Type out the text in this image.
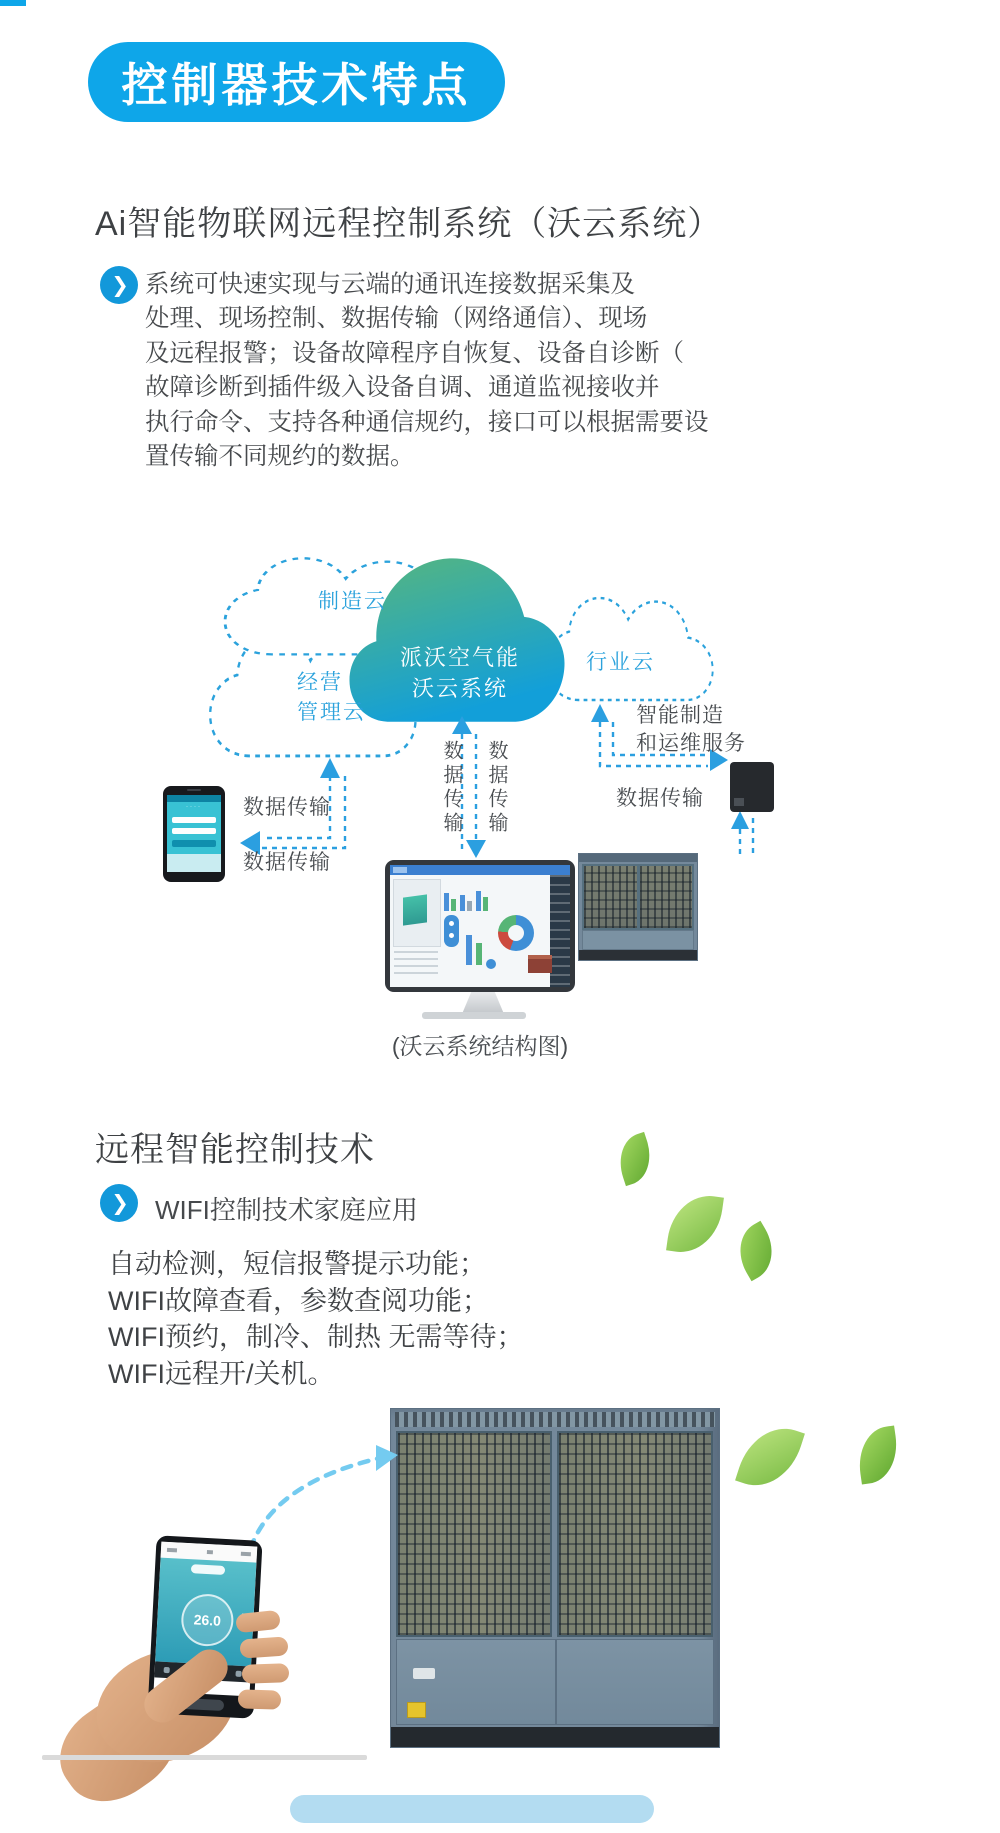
控制器技术特点
Ai智能物联网远程控制系统（沃云系统）
❯ 系统可快速实现与云端的通讯连接数据采集及
处理、现场控制、数据传输（网络通信）、现场
及远程报警；设备故障程序自恢复、设备自诊断（
故障诊断到插件级入设备自调、通道监视接收并
执行命令、支持各种通信规约，接口可以根据需要设
置传输不同规约的数据。
制造云
经营
管理云
行业云
派沃空气能
沃云系统
智能制造
和运维服务
数据传输
数据传输
数据传输
数据传输 数据传输
····
(沃云系统结构图)
远程智能控制技术
❯ WIFI控制技术家庭应用
自动检测，短信报警提示功能；
WIFI故障查看，参数查阅功能；
WIFI预约，制冷、制热 无需等待；
WIFI远程开/关机。
26.0
